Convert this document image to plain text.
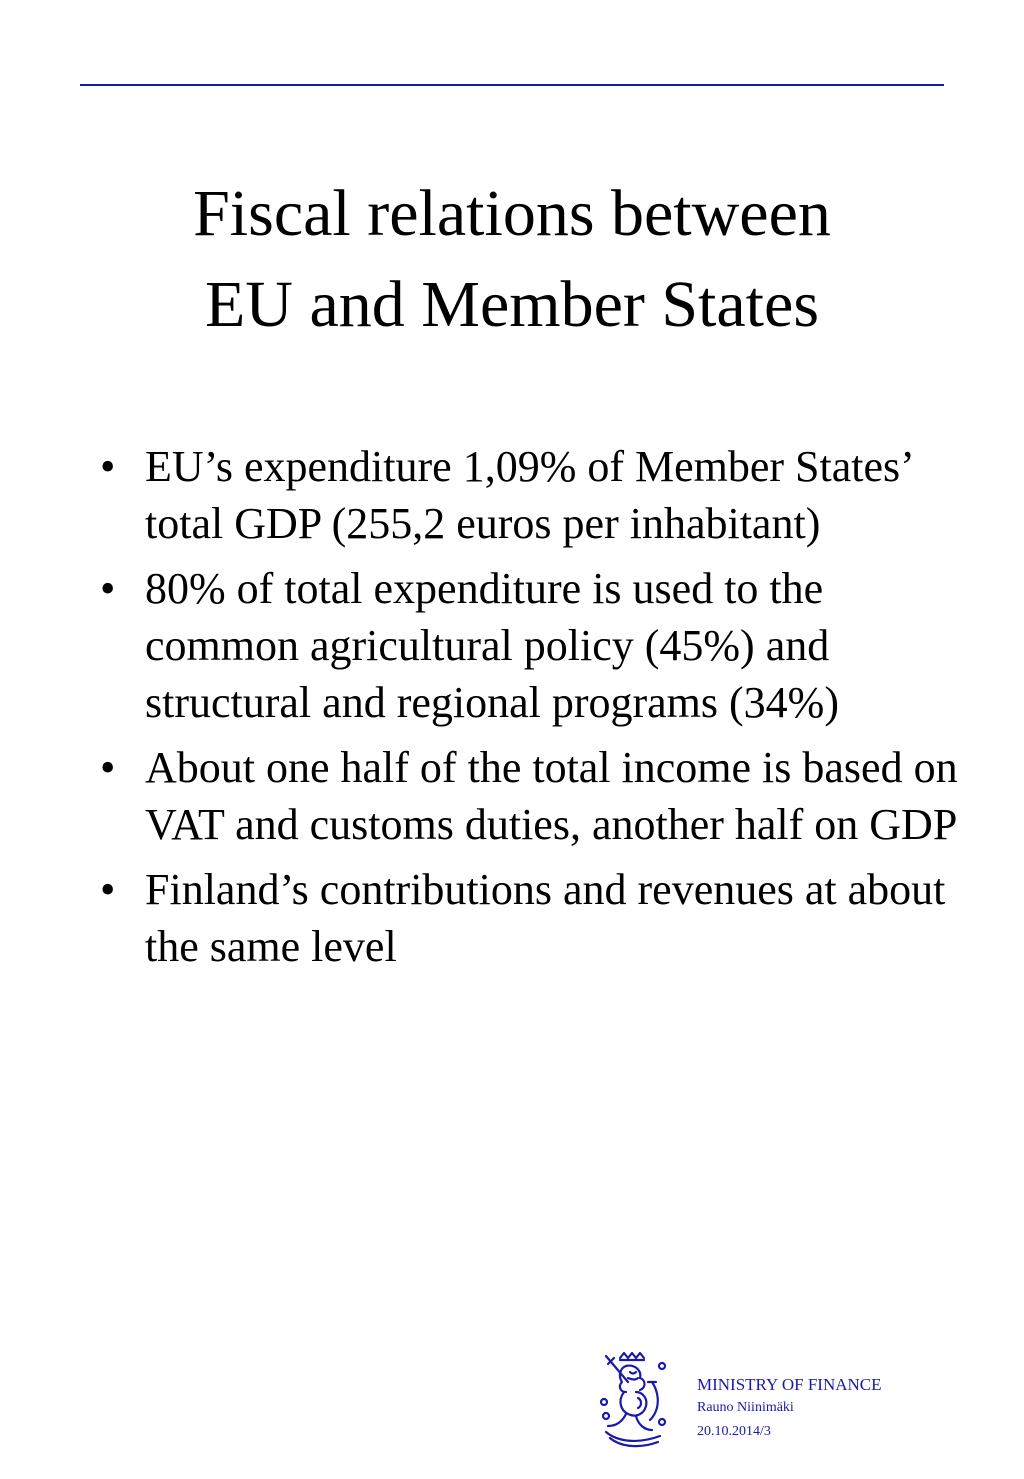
Fiscal relations between
EU and Member States
• EU’s expenditure 1,09% of Member States’ total GDP (255,2 euros per inhabitant)
• 80% of total expenditure is used to the common agricultural policy (45%) and structural and regional programs (34%)
• About one half of the total income is based on VAT and customs duties, another half on GDP
• Finland’s contributions and revenues at about the same level
MINISTRY OF FINANCE
Rauno Niinimäki
20.10.2014/3
